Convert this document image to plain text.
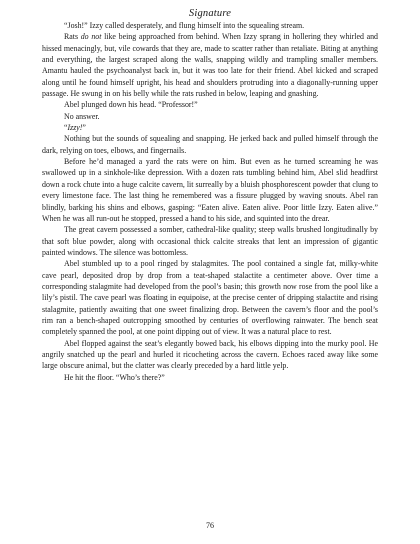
Signature

“Josh!” Izzy called desperately, and flung himself into the squealing stream.

Rats do not like being approached from behind. When Izzy sprang in hollering they whirled and hissed menacingly, but, vile cowards that they are, made to scatter rather than retaliate. Biting at anything and everything, the largest scraped along the walls, snapping wildly and trampling smaller members. Amantu hauled the psychoanalyst back in, but it was too late for their friend. Abel kicked and scraped along until he found himself upright, his head and shoulders protruding into a diagonally-running upper passage. He swung in on his belly while the rats rushed in below, leaping and gnashing.

Abel plunged down his head. “Professor!”

No answer.

“Izzy!”

Nothing but the sounds of squealing and snapping. He jerked back and pulled himself through the dark, relying on toes, elbows, and fingernails.

Before he’d managed a yard the rats were on him. But even as he turned screaming he was swallowed up in a sinkhole-like depression. With a dozen rats tumbling behind him, Abel slid headfirst down a rock chute into a huge calcite cavern, lit surreally by a bluish phosphorescent powder that clung to every limestone face. The last thing he remembered was a fissure plugged by waving snouts. Abel ran blindly, barking his shins and elbows, gasping: “Eaten alive. Eaten alive. Poor little Izzy. Eaten alive.” When he was all run-out he stopped, pressed a hand to his side, and squinted into the drear.

The great cavern possessed a somber, cathedral-like quality; steep walls brushed longitudinally by that soft blue powder, along with occasional thick calcite streaks that lent an impression of gigantic painted windows. The silence was bottomless.

Abel stumbled up to a pool ringed by stalagmites. The pool contained a single fat, milky-white cave pearl, deposited drop by drop from a teat-shaped stalactite a centimeter above. Over time a corresponding stalagmite had developed from the pool’s basin; this growth now rose from the pool like a lily’s pistil. The cave pearl was floating in equipoise, at the precise center of dripping stalactite and rising stalagmite, patiently awaiting that one sweet finalizing drop. Between the cavern’s floor and the pool’s rim ran a bench-shaped outcropping smoothed by centuries of overflowing rainwater. The bench seat completely spanned the pool, at one point dipping out of view. It was a natural place to rest.

Abel flopped against the seat’s elegantly bowed back, his elbows dipping into the murky pool. He angrily snatched up the pearl and hurled it ricocheting across the cavern. Echoes raced away like some large obscure animal, but the clatter was clearly preceded by a hard little yelp.

He hit the floor. “Who’s there?”

76
